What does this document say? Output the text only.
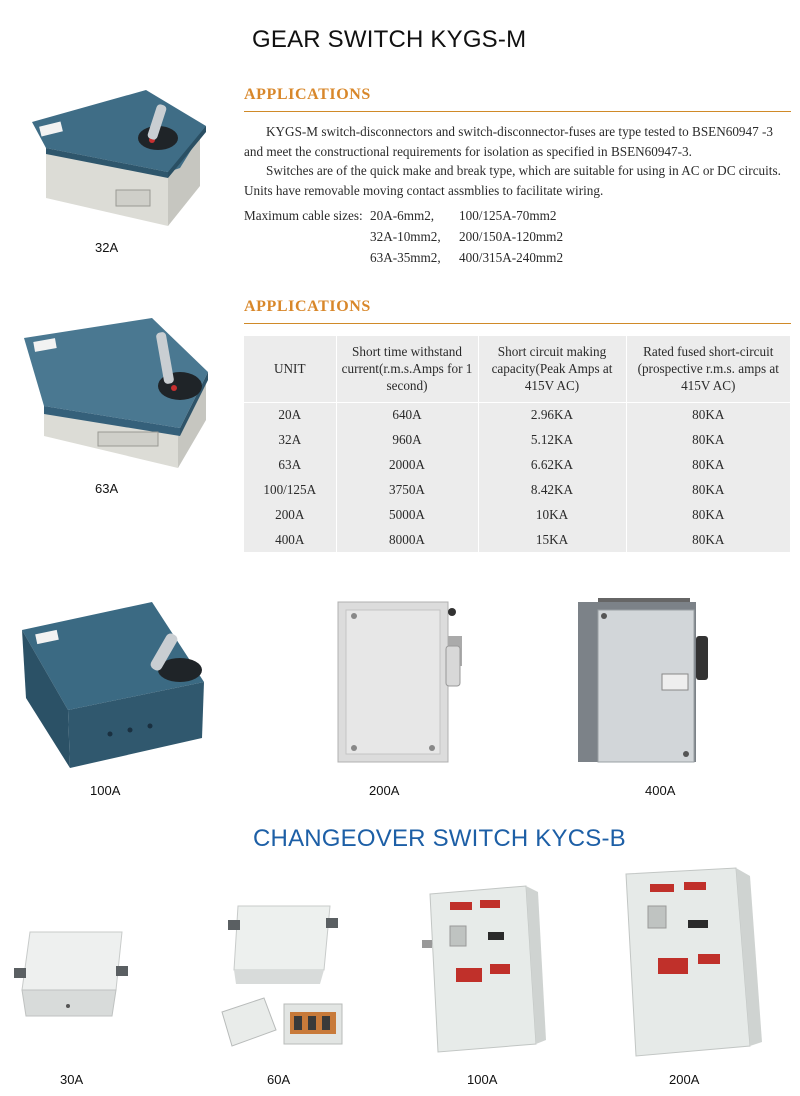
GEAR SWITCH KYGS-M
APPLICATIONS

KYGS-M switch-disconnectors and switch-disconnector-fuses are type tested to BSEN60947 -3 and meet the constructional requirements for isolation as specified in BSEN60947-3.

Switches are of the quick make and break type, which are suitable for using in AC or DC circuits. Units have removable moving contact assmblies to facilitate wiring.

Maximum cable sizes: 20A-6mm2, 100/125A-70mm2
32A-10mm2, 200/150A-120mm2
63A-35mm2, 400/315A-240mm2
APPLICATIONS
UNIT	Short time withstand current(r.m.s.Amps for 1 second)	Short circuit making capacity(Peak Amps at 415V AC)	Rated fused short-circuit (prospective r.m.s. amps at 415V AC)
20A	640A	2.96KA	80KA
32A	960A	5.12KA	80KA
63A	2000A	6.62KA	80KA
100/125A	3750A	8.42KA	80KA
200A	5000A	10KA	80KA
400A	8000A	15KA	80KA
32A
63A
100A	200A	400A
CHANGEOVER SWITCH KYCS-B
30A	60A	100A	200A
